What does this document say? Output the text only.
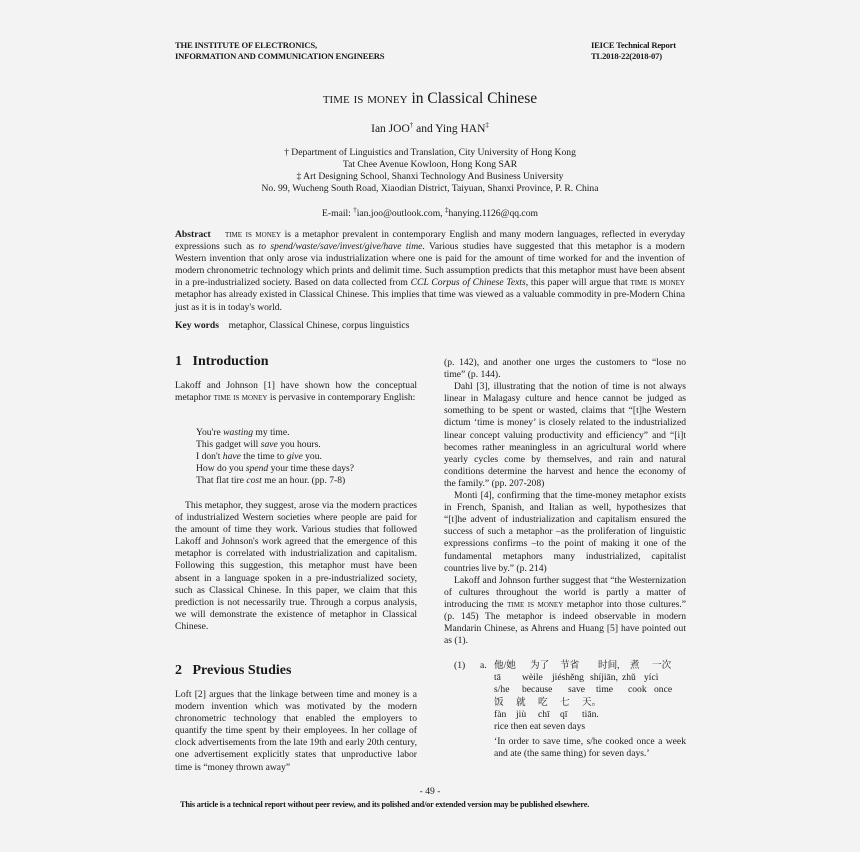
THE INSTITUTE OF ELECTRONICS,
INFORMATION AND COMMUNICATION ENGINEERS
IEICE Technical Report
TL2018-22(2018-07)
time is money in Classical Chinese
Ian JOO† and Ying HAN‡
† Department of Linguistics and Translation, City University of Hong Kong
Tat Chee Avenue Kowloon, Hong Kong SAR
‡ Art Designing School, Shanxi Technology And Business University
No. 99, Wucheng South Road, Xiaodian District, Taiyuan, Shanxi Province, P. R. China
E-mail: †ian.joo@outlook.com, ‡hanying.1126@qq.com
Abstract time is money is a metaphor prevalent in contemporary English and many modern languages, reflected in everyday expressions such as to spend/waste/save/invest/give/have time. Various studies have suggested that this metaphor is a modern Western invention that only arose via industrialization where one is paid for the amount of time worked for and the invention of modern chronometric technology which prints and delimit time. Such assumption predicts that this metaphor must have been absent in a pre-industrialized society. Based on data collected from CCL Corpus of Chinese Texts, this paper will argue that time is money metaphor has already existed in Classical Chinese. This implies that time was viewed as a valuable commodity in pre-Modern China just as it is in today's world.
Key words metaphor, Classical Chinese, corpus linguistics
1 Introduction

Lakoff and Johnson [1] have shown how the conceptual metaphor time is money is pervasive in contemporary English:

You're wasting my time.
This gadget will save you hours.
I don't have the time to give you.
How do you spend your time these days?
That flat tire cost me an hour. (pp. 7-8)

This metaphor, they suggest, arose via the modern practices of industrialized Western societies where people are paid for the amount of time they work. Various studies that followed Lakoff and Johnson's work agreed that the emergence of this metaphor is correlated with industrialization and capitalism. Following this suggestion, this metaphor must have been absent in a language spoken in a pre-industrialized society, such as Classical Chinese. In this paper, we claim that this prediction is not necessarily true. Through a corpus analysis, we will demonstrate the existence of metaphor in Classical Chinese.

2 Previous Studies

Loft [2] argues that the linkage between time and money is a modern invention which was motivated by the modern chronometric technology that enabled the employers to quantify the time spent by their employees. In her collage of clock advertisements from the late 19th and early 20th century, one advertisement explicitly states that unproductive labor time is “money thrown away”

(p. 142), and another one urges the customers to “lose no time” (p. 144).

Dahl [3], illustrating that the notion of time is not always linear in Malagasy culture and hence cannot be judged as something to be spent or wasted, claims that “[t]he Western dictum ‘time is money’ is closely related to the industrialized linear concept valuing productivity and efficiency” and “[i]t becomes rather meaningless in an agricultural world where yearly cycles come by themselves, and rain and natural conditions determine the harvest and hence the economy of the family.” (pp. 207-208)

Monti [4], confirming that the time-money metaphor exists in French, Spanish, and Italian as well, hypothesizes that “[t]he advent of industrialization and capitalism ensured the success of such a metaphor –as the proliferation of linguistic expressions confirms –to the point of making it one of the fundamental metaphors many industrialized, capitalist countries live by.” (p. 214)

Lakoff and Johnson further suggest that “the Westernization of cultures throughout the world is partly a matter of introducing the time is money metaphor into those cultures.” (p. 145) The metaphor is indeed observable in modern Mandarin Chinese, as Ahrens and Huang [5] have pointed out as (1).

(1) a. 他/她 为了 节省 时间, 煮 一次
tā wèile jiéshěng shíjiān, zhǔ yícì
s/he because save time cook once
饭 就 吃 七 天。
fàn jiù chī qī tiān.
rice then eat seven days
‘In order to save time, s/he cooked once a week and ate (the same thing) for seven days.’
- 49 -
This article is a technical report without peer review, and its polished and/or extended version may be published elsewhere.
